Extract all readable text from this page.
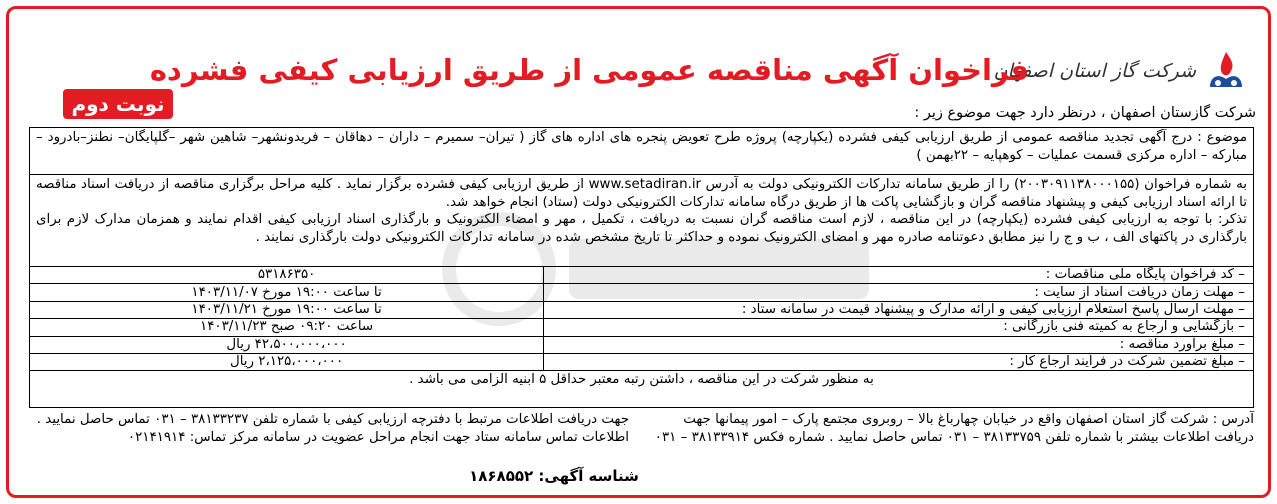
شرکت گاز استان اصفهان
فراخوان آگهی مناقصه عمومی از طریق ارزیابی کیفی فشرده
نوبت دوم	شرکت گازستان اصفهان ، درنظر دارد جهت موضوع زیر :
موضوع : درج آگهی تجدید مناقصه عمومی از طریق ارزیابی کیفی فشرده (یکپارچه) پروژه طرح تعویض پنجره های اداره های گاز ( تیران– سمیرم – داران – دهاقان – فریدونشهر– شاهین شهر –گلپایگان– نطنز–بادرود – مبارکه – اداره مرکزی قسمت عملیات – کوهپایه – ۲۲بهمن )
به شماره فراخوان (۲۰۰۳۰۹۱۱۳۸۰۰۰۱۵۵) را از طریق سامانه تدارکات الکترونیکی دولت به آدرس www.setadiran.ir از طریق ارزیابی کیفی فشرده برگزار نماید . کلیه مراحل برگزاری مناقصه از دریافت اسناد مناقصه تا ارائه اسناد ارزیابی کیفی و پیشنهاد مناقصه گران و بازگشایی پاکت ها از طریق درگاه سامانه تدارکات الکترونیکی دولت (ستاد) انجام خواهد شد.
تذکر: با توجه به ارزیابی کیفی فشرده (یکپارچه) در این مناقصه ، لازم است مناقصه گران نسبت به دریافت ، تکمیل ، مهر و امضاء الکترونیک و بارگذاری اسناد ارزیابی کیفی اقدام نمایند و همزمان مدارک لازم برای بارگذاری در پاکتهای الف ، ب و ج را نیز مطابق دعوتنامه صادره مهر و امضای الکترونیک نموده و حداکثر تا تاریخ مشخص شده در سامانه تدارکات الکترونیکی دولت بارگذاری نمایند .
– کد فراخوان پایگاه ملی مناقصات :	۵۳۱۸۶۳۵۰
– مهلت زمان دریافت اسناد از سایت :	تا ساعت ۱۹:۰۰ مورخ ۱۴۰۳/۱۱/۰۷
– مهلت ارسال پاسخ استعلام ارزیابی کیفی و ارائه مدارک و پیشنهاد قیمت در سامانه ستاد :	تا ساعت ۱۹:۰۰ مورخ ۱۴۰۳/۱۱/۲۱
– بازگشایی و ارجاع به کمیته فنی بازرگانی :	ساعت ۰۹:۲۰ صبح ۱۴۰۳/۱۱/۲۳
– مبلغ برآورد مناقصه :	۴۲،۵۰۰،۰۰۰،۰۰۰ ریال
– مبلغ تضمین شرکت در فرآیند ارجاع کار :	۲،۱۲۵،۰۰۰،۰۰۰ ریال
به منظور شرکت در این مناقصه ، داشتن رتبه معتبر حداقل ۵ ابنیه الزامی می باشد .	
آدرس : شرکت گاز استان اصفهان واقع در خیابان چهارباغ بالا – روبروی مجتمع پارک – امور پیمانها جهت دریافت اطلاعات بیشتر با شماره تلفن ۳۸۱۳۳۷۵۹ – ۰۳۱ تماس حاصل نمایید . شماره فکس ۳۸۱۳۳۹۱۴ – ۰۳۱
جهت دریافت اطلاعات مرتبط با دفترچه ارزیابی کیفی با شماره تلفن ۳۸۱۳۳۲۳۷ – ۰۳۱ تماس حاصل نمایید . اطلاعات تماس سامانه ستاد جهت انجام مراحل عضویت در سامانه مرکز تماس: ۰۲۱۴۱۹۱۴
شناسه آگهی: ۱۸۶۸۵۵۲
